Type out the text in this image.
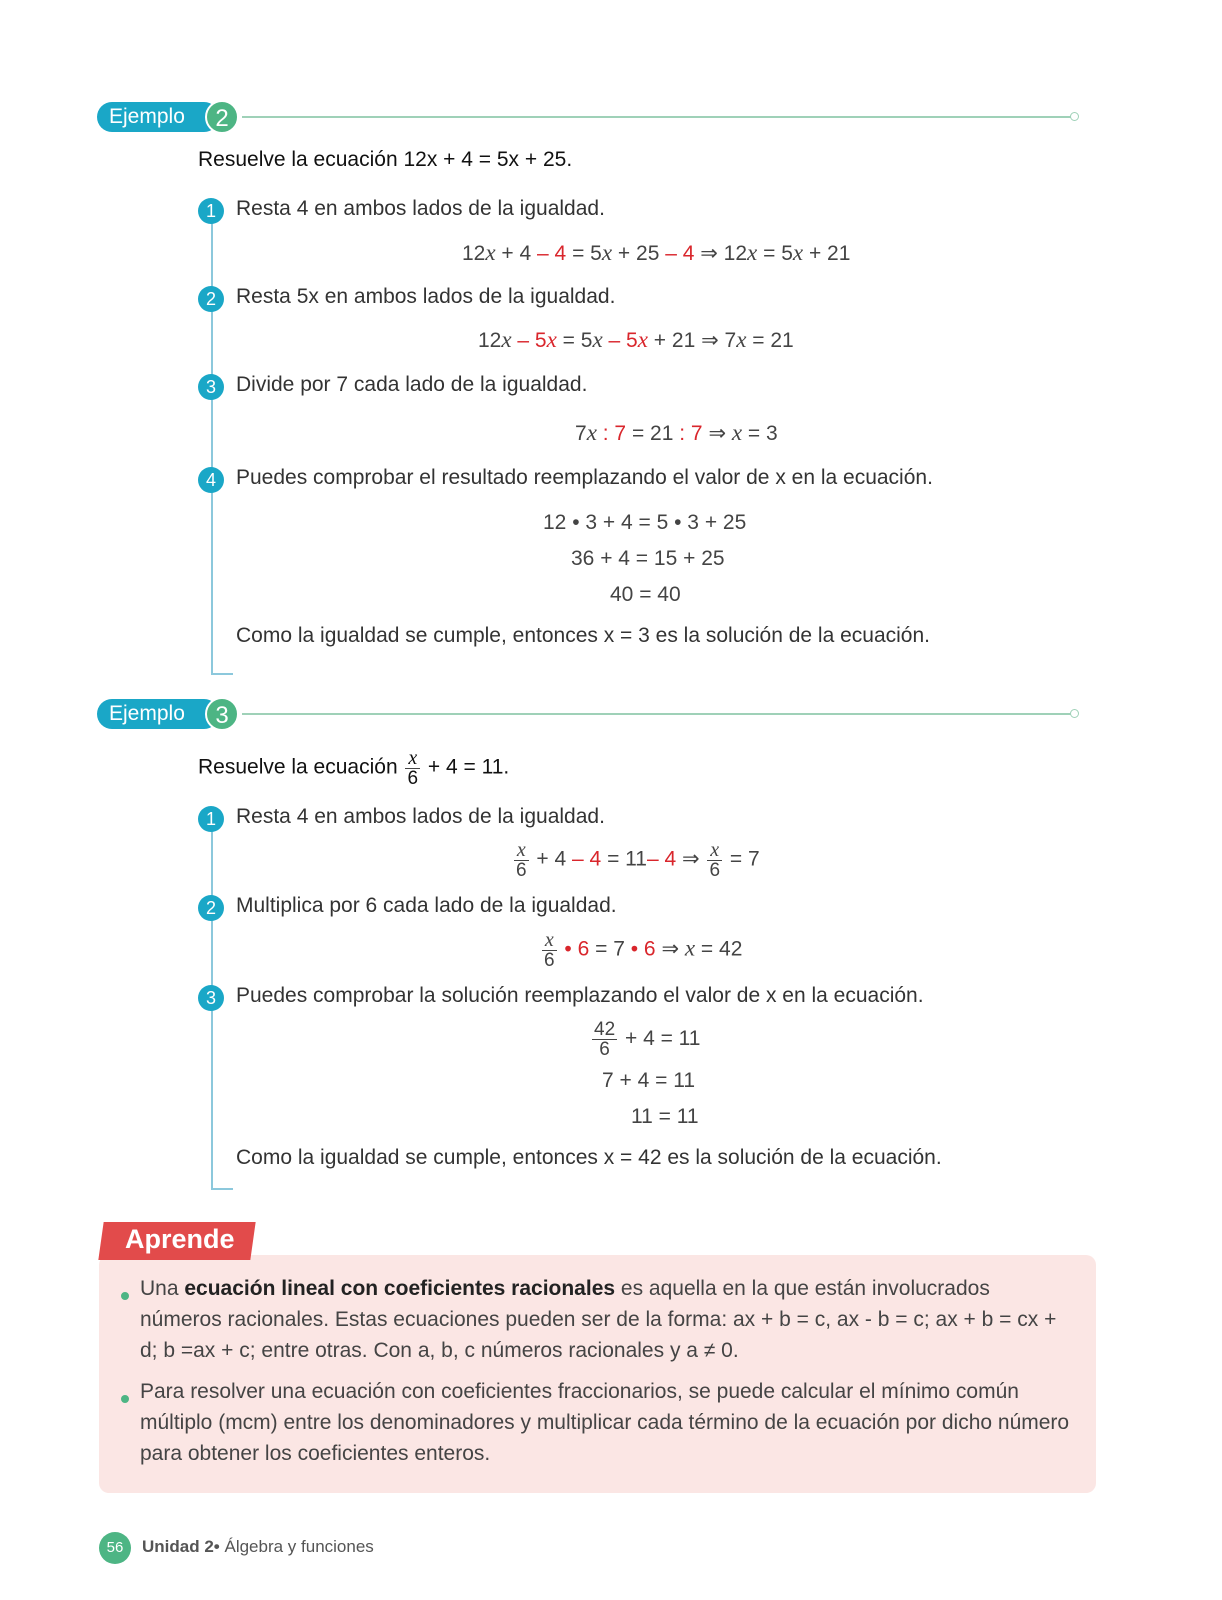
Ejemplo	2
Resuelve la ecuación 12x + 4 = 5x + 25.
1 Resta 4 en ambos lados de la igualdad.
12x + 4 – 4 = 5x + 25 – 4 ⇒ 12x = 5x + 21
2 Resta 5x en ambos lados de la igualdad.
12x – 5x = 5x – 5x + 21 ⇒ 7x = 21
3 Divide por 7 cada lado de la igualdad.
7x : 7 = 21 : 7 ⇒ x = 3
4 Puedes comprobar el resultado reemplazando el valor de x en la ecuación.
12 • 3 + 4 = 5 • 3 + 25
36 + 4 = 15 + 25
40 = 40
Como la igualdad se cumple, entonces x = 3 es la solución de la ecuación.
Ejemplo	3
Resuelve la ecuación $\frac{x}{6} + 4 = 11$.
1 Resta 4 en ambos lados de la igualdad.
$\frac{x}{6} + 4 - 4 = 11-$ 4 ⇒ $\frac{x}{6} = 7$
2 Multiplica por 6 cada lado de la igualdad.
$\frac{x}{6}$ • 6 = 7 • 6 ⇒ x = 42
3 Puedes comprobar la solución reemplazando el valor de x en la ecuación.
$\frac{42}{6} + 4 = 11$
7 + 4 = 11
11 = 11
Como la igualdad se cumple, entonces x = 42 es la solución de la ecuación.
Aprende
Una ecuación lineal con coeficientes racionales es aquella en la que están involucrados números racionales. Estas ecuaciones pueden ser de la forma: ax + b = c, ax - b = c; ax + b = cx + d; b =ax + c; entre otras. Con a, b, c números racionales y a ≠ 0.
Para resolver una ecuación con coeficientes fraccionarios, se puede calcular el mínimo común múltiplo (mcm) entre los denominadores y multiplicar cada término de la ecuación por dicho número para obtener los coeficientes enteros.
56	Unidad 2• Álgebra y funciones
